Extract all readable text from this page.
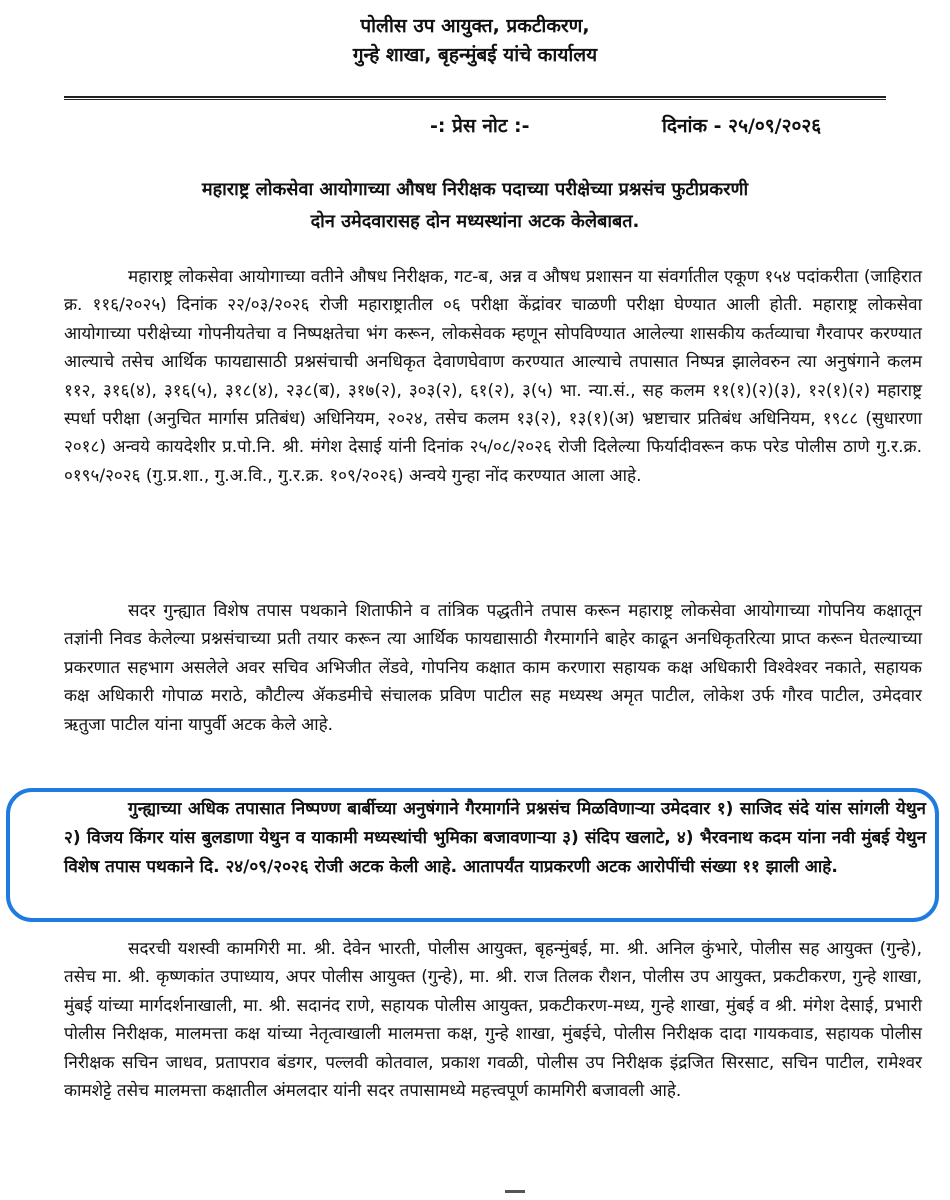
पोलीस उप आयुक्त, प्रकटीकरण,
गुन्हे शाखा, बृहन्मुंबई यांचे कार्यालय
-: प्रेस नोट :-	दिनांक - २५/०९/२०२६
महाराष्ट्र लोकसेवा आयोगाच्या औषध निरीक्षक पदाच्या परीक्षेच्या प्रश्नसंच फुटीप्रकरणी
दोन उमेदवारासह दोन मध्यस्थांना अटक केलेबाबत.

महाराष्ट्र लोकसेवा आयोगाच्या वतीने औषध निरीक्षक, गट-ब, अन्न व औषध प्रशासन या संवर्गातील एकूण १५४ पदांकरीता (जाहिरात क्र. ११६/२०२५) दिनांक २२/०३/२०२६ रोजी महाराष्ट्रातील ०६ परीक्षा केंद्रांवर चाळणी परीक्षा घेण्यात आली होती. महाराष्ट्र लोकसेवा आयोगाच्या परीक्षेच्या गोपनीयतेचा व निष्पक्षतेचा भंग करून, लोकसेवक म्हणून सोपविण्यात आलेल्या शासकीय कर्तव्याचा गैरवापर करण्यात आल्याचे तसेच आर्थिक फायद्यासाठी प्रश्नसंचाची अनधिकृत देवाणघेवाण करण्यात आल्याचे तपासात निष्पन्न झालेवरुन त्या अनुषंगाने कलम ११२, ३१६(४), ३१६(५), ३१८(४), २३८(ब), ३१७(२), ३०३(२), ६१(२), ३(५) भा. न्या.सं., सह कलम ११(१)(२)(३), १२(१)(२) महाराष्ट्र स्पर्धा परीक्षा (अनुचित मार्गास प्रतिबंध) अधिनियम, २०२४, तसेच कलम १३(२), १३(१)(अ) भ्रष्टाचार प्रतिबंध अधिनियम, १९८८ (सुधारणा २०१८) अन्वये कायदेशीर प्र.पो.नि. श्री. मंगेश देसाई यांनी दिनांक २५/०८/२०२६ रोजी दिलेल्या फिर्यादीवरून कफ परेड पोलीस ठाणे गु.र.क्र. ०१९५/२०२६ (गु.प्र.शा., गु.अ.वि., गु.र.क्र. १०९/२०२६) अन्वये गुन्हा नोंद करण्यात आला आहे.

सदर गुन्ह्यात विशेष तपास पथकाने शिताफीने व तांत्रिक पद्धतीने तपास करून महाराष्ट्र लोकसेवा आयोगाच्या गोपनिय कक्षातून तज्ञांनी निवड केलेल्या प्रश्नसंचाच्या प्रती तयार करून त्या आर्थिक फायद्यासाठी गैरमार्गाने बाहेर काढून अनधिकृतरित्या प्राप्त करून घेतल्याच्या प्रकरणात सहभाग असलेले अवर सचिव अभिजीत लेंडवे, गोपनिय कक्षात काम करणारा सहायक कक्ष अधिकारी विश्वेश्वर नकाते, सहायक कक्ष अधिकारी गोपाळ मराठे, कौटील्य ॲकडमीचे संचालक प्रविण पाटील सह मध्यस्थ अमृत पाटील, लोकेश उर्फ गौरव पाटील, उमेदवार ऋतुजा पाटील यांना यापुर्वी अटक केले आहे.

गुन्ह्याच्या अधिक तपासात निष्पण्ण बार्बीच्या अनुषंगाने गैरमार्गाने प्रश्नसंच मिळविणाऱ्या उमेदवार १) साजिद संदे यांस सांगली येथुन २) विजय किंगर यांस बुलडाणा येथुन व याकामी मध्यस्थांची भुमिका बजावणाऱ्या ३) संदिप खलाटे, ४) भैरवनाथ कदम यांना नवी मुंबई येथुन विशेष तपास पथकाने दि. २४/०९/२०२६ रोजी अटक केली आहे. आतापर्यंत याप्रकरणी अटक आरोपींची संख्या ११ झाली आहे.

सदरची यशस्वी कामगिरी मा. श्री. देवेन भारती, पोलीस आयुक्त, बृहन्मुंबई, मा. श्री. अनिल कुंभारे, पोलीस सह आयुक्त (गुन्हे), तसेच मा. श्री. कृष्णकांत उपाध्याय, अपर पोलीस आयुक्त (गुन्हे), मा. श्री. राज तिलक रौशन, पोलीस उप आयुक्त, प्रकटीकरण, गुन्हे शाखा, मुंबई यांच्या मार्गदर्शनाखाली, मा. श्री. सदानंद राणे, सहायक पोलीस आयुक्त, प्रकटीकरण-मध्य, गुन्हे शाखा, मुंबई व श्री. मंगेश देसाई, प्रभारी पोलीस निरीक्षक, मालमत्ता कक्ष यांच्या नेतृत्वाखाली मालमत्ता कक्ष, गुन्हे शाखा, मुंबईचे, पोलीस निरीक्षक दादा गायकवाड, सहायक पोलीस निरीक्षक सचिन जाधव, प्रतापराव बंडगर, पल्लवी कोतवाल, प्रकाश गवळी, पोलीस उप निरीक्षक इंद्रजित सिरसाट, सचिन पाटील, रामेश्वर कामशेट्टे तसेच मालमत्ता कक्षातील अंमलदार यांनी सदर तपासामध्ये महत्त्वपूर्ण कामगिरी बजावली आहे.
